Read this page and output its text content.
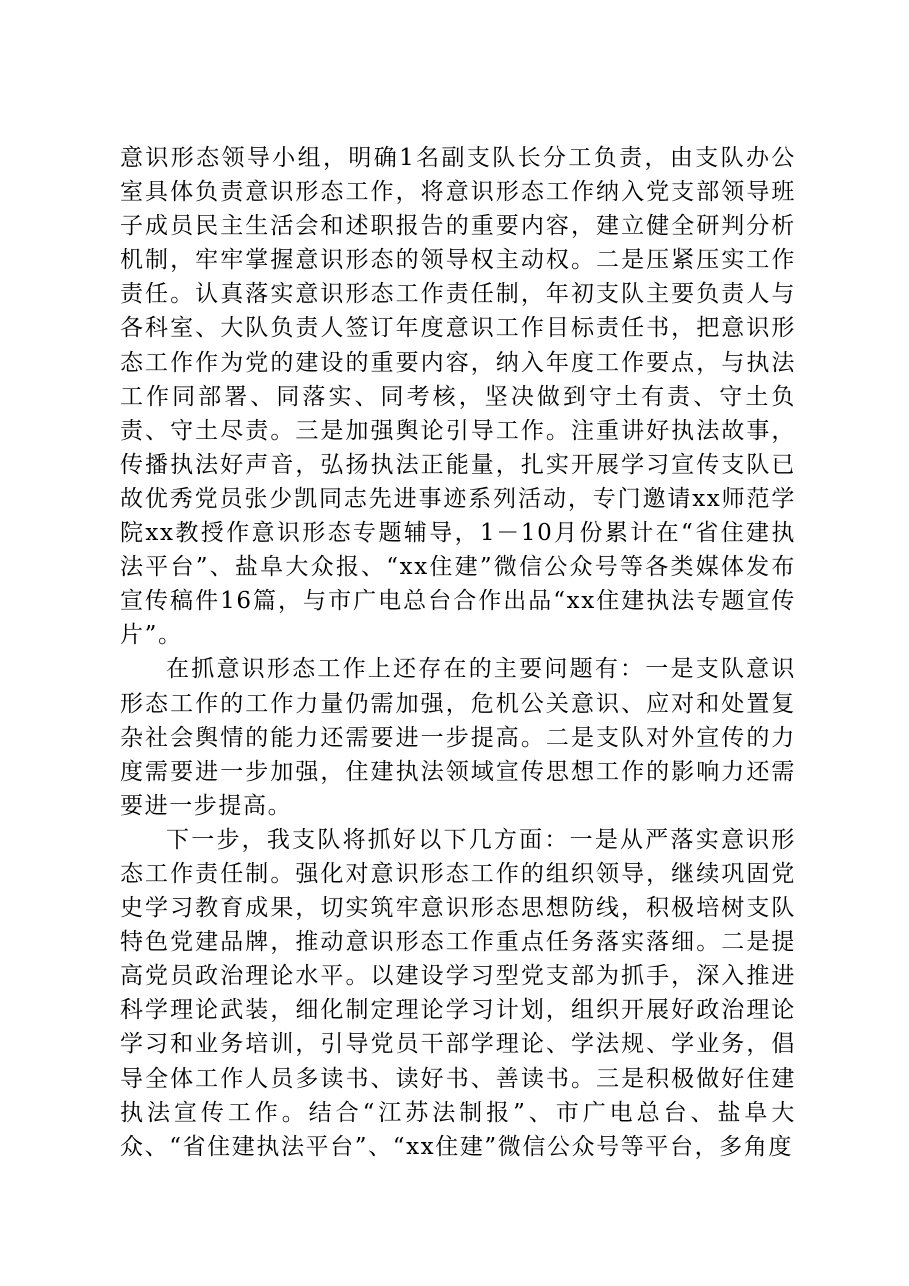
意识形态领导小组，明确1名副支队长分工负责，由支队办公室具体负责意识形态工作，将意识形态工作纳入党支部领导班子成员民主生活会和述职报告的重要内容，建立健全研判分析机制，牢牢掌握意识形态的领导权主动权。二是压紧压实工作责任。认真落实意识形态工作责任制，年初支队主要负责人与各科室、大队负责人签订年度意识工作目标责任书，把意识形态工作作为党的建设的重要内容，纳入年度工作要点，与执法工作同部署、同落实、同考核，坚决做到守土有责、守土负责、守土尽责。三是加强舆论引导工作。注重讲好执法故事，传播执法好声音，弘扬执法正能量，扎实开展学习宣传支队已故优秀党员张少凯同志先进事迹系列活动，专门邀请xx师范学院xx教授作意识形态专题辅导，1－10月份累计在“省住建执法平台”、盐阜大众报、“xx住建”微信公众号等各类媒体发布宣传稿件16篇，与市广电总台合作出品“xx住建执法专题宣传片”。

在抓意识形态工作上还存在的主要问题有：一是支队意识形态工作的工作力量仍需加强，危机公关意识、应对和处置复杂社会舆情的能力还需要进一步提高。二是支队对外宣传的力度需要进一步加强，住建执法领域宣传思想工作的影响力还需要进一步提高。

下一步，我支队将抓好以下几方面：一是从严落实意识形态工作责任制。强化对意识形态工作的组织领导，继续巩固党史学习教育成果，切实筑牢意识形态思想防线，积极培树支队特色党建品牌，推动意识形态工作重点任务落实落细。二是提高党员政治理论水平。以建设学习型党支部为抓手，深入推进科学理论武装，细化制定理论学习计划，组织开展好政治理论学习和业务培训，引导党员干部学理论、学法规、学业务，倡导全体工作人员多读书、读好书、善读书。三是积极做好住建执法宣传工作。结合“江苏法制报”、市广电总台、盐阜大众、“省住建执法平台”、“xx住建”微信公众号等平台，多角度
